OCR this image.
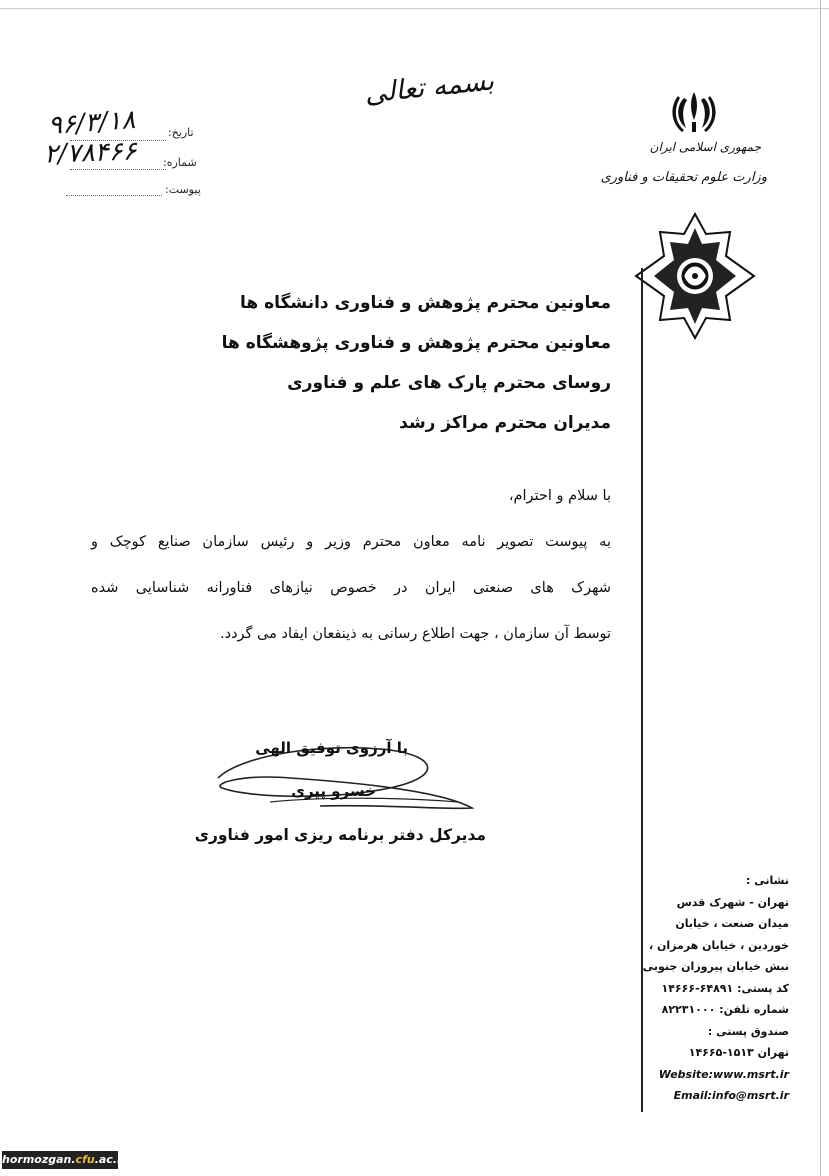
بسمه تعالی
جمهوری اسلامی ایران
وزارت علوم تحقیقات و فناوری
تاریخ:
۹۶/۳/۱۸
شماره:
۲/۷۸۴۶۶
پیوست:
معاونین محترم پژوهش و فناوری دانشگاه ها
معاونین محترم پژوهش و فناوری پژوهشگاه ها
روسای محترم پارک های علم و فناوری
مدیران محترم مراکز رشد
با سلام و احترام،
به پیوست تصویر نامه معاون محترم وزیر و رئیس سازمان صنایع کوچک و
شهرک های صنعتی ایران در خصوص نیازهای فناورانه شناسایی شده
توسط آن سازمان ، جهت اطلاع رسانی به ذینفعان ایفاد می گردد.
با آرزوی توفیق الهی
خسرو پیری
مدیرکل دفتر برنامه ریزی امور فناوری
نشانی :
تهران - شهرک قدس
میدان صنعت ، خیابان
خوردین ، خیابان هرمزان ،
نبش خیابان پیروزان جنوبی
کد پستی: ۶۴۸۹۱-۱۴۶۶۶
شماره تلفن: ۸۲۲۳۱۰۰۰
صندوق پستی :
تهران ۱۵۱۳-۱۴۶۶۵
Website:www.msrt.ir
Email:info@msrt.ir
hormozgan.cfu.ac.ir
